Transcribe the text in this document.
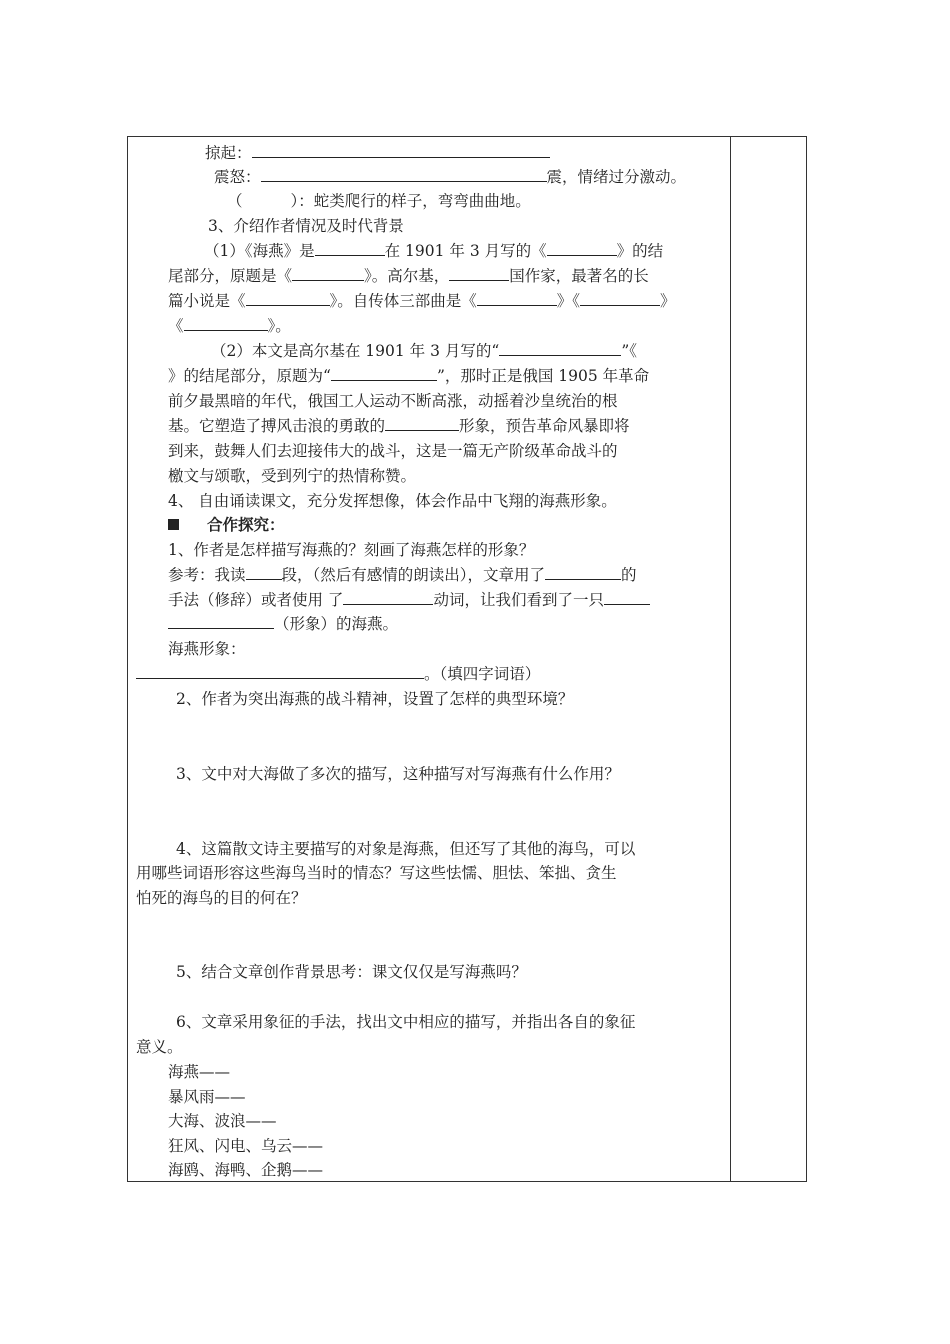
掠起：
震怒：	震，情绪过分激动。
（	）：蛇类爬行的样子，弯弯曲曲地。
3、介绍作者情况及时代背景
（1）《海燕》是	在 1901 年 3 月写的《	》的结
尾部分，原题是《	》。高尔基，	国作家，最著名的长
篇小说是《	》。自传体三部曲是《	》《	》
《	》。
（2）本文是高尔基在 1901 年 3 月写的“	”《
》的结尾部分，原题为“	”，那时正是俄国 1905 年革命
前夕最黑暗的年代，俄国工人运动不断高涨，动摇着沙皇统治的根
基。它塑造了搏风击浪的勇敢的	形象，预告革命风暴即将
到来，鼓舞人们去迎接伟大的战斗，这是一篇无产阶级革命战斗的
檄文与颂歌，受到列宁的热情称赞。
4、 自由诵读课文，充分发挥想像，体会作品中飞翔的海燕形象。
合作探究：
1、作者是怎样描写海燕的？刻画了海燕怎样的形象？
参考：我读 段，（然后有感情的朗读出），文章用了	的
手法（修辞）或者使用 了	动词，让我们看到了一只
（形象）的海燕。
海燕形象：
。（填四字词语）
2、作者为突出海燕的战斗精神，设置了怎样的典型环境？
3、文中对大海做了多次的描写，这种描写对写海燕有什么作用？
4、这篇散文诗主要描写的对象是海燕，但还写了其他的海鸟，可以
用哪些词语形容这些海鸟当时的情态？写这些怯懦、胆怯、笨拙、贪生
怕死的海鸟的目的何在？
5、结合文章创作背景思考：课文仅仅是写海燕吗？
6、文章采用象征的手法，找出文中相应的描写，并指出各自的象征
意义。
海燕——
暴风雨——
大海、波浪——
狂风、闪电、乌云——
海鸥、海鸭、企鹅——
